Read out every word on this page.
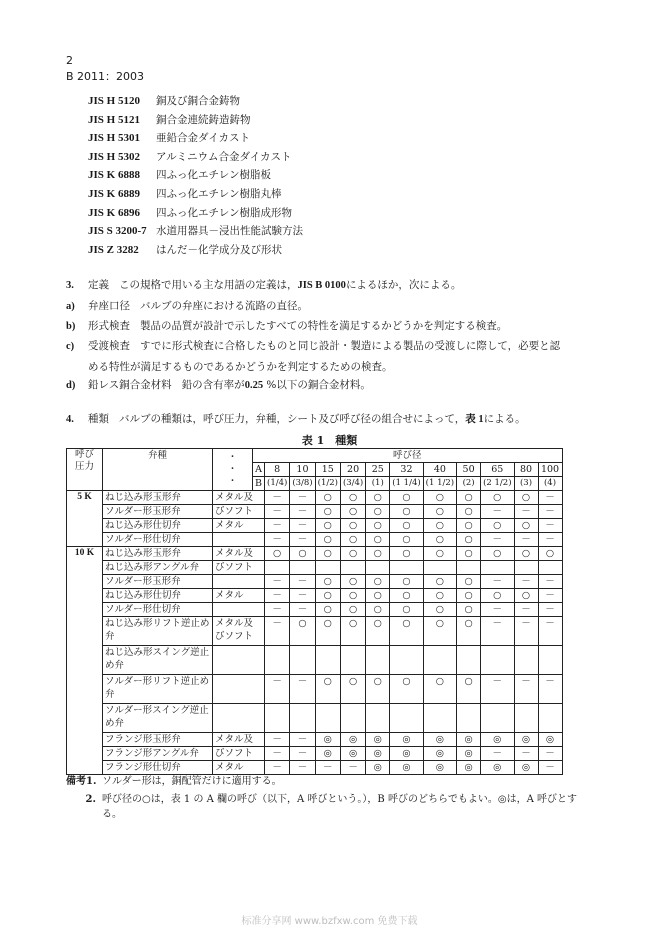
2
B 2011：2003
JIS H 5120 銅及び銅合金鋳物
JIS H 5121 銅合金連続鋳造鋳物
JIS H 5301 亜鉛合金ダイカスト
JIS H 5302 アルミニウム合金ダイカスト
JIS K 6888 四ふっ化エチレン樹脂板
JIS K 6889 四ふっ化エチレン樹脂丸棒
JIS K 6896 四ふっ化エチレン樹脂成形物
JIS S 3200-7 水道用器具－浸出性能試験方法
JIS Z 3282 はんだ－化学成分及び形状
3. 定義 この規格で用いる主な用語の定義は，JIS B 0100によるほか，次による。
a) 弁座口径 バルブの弁座における流路の直径。
b) 形式検査 製品の品質が設計で示したすべての特性を満足するかどうかを判定する検査。
c) 受渡検査 すでに形式検査に合格したものと同じ設計・製造による製品の受渡しに際して，必要と認
める特性が満足するものであるかどうかを判定するための検査。
d) 鉛レス銅合金材料 鉛の含有率が0.25 %以下の銅合金材料。
4. 種類 バルブの種類は，呼び圧力，弁種，シート及び呼び径の組合せによって，表 1による。
表 1　種類
呼び
圧力	弁種	・
・
・	呼び径											
			A	8	10	15	20	25	32	40	50	65	80	100
			B	(1/4)	(3/8)	(1/2)	(3/4)	(1)	(1 1/4)	(1 1/2)	(2)	(2 1/2)	(3)	(4)
5 K	ねじ込み形玉形弁	メタル及		－	－	○	○	○	○	○	○	○	○	－
	ソルダー形玉形弁	びソフト		－	－	○	○	○	○	○	○	－	－	－
	ねじ込み形仕切弁	メタル		－	－	○	○	○	○	○	○	○	○	－
	ソルダー形仕切弁			－	－	○	○	○	○	○	○	－	－	－
10 K	ねじ込み形玉形弁	メタル及		○	○	○	○	○	○	○	○	○	○	○
	ねじ込み形アングル弁	びソフト												
	ソルダー形玉形弁			－	－	○	○	○	○	○	○	－	－	－
	ねじ込み形仕切弁	メタル		－	－	○	○	○	○	○	○	○	○	－
	ソルダー形仕切弁			－	－	○	○	○	○	○	○	－	－	－
	ねじ込み形リフト逆止め弁	メタル及びソフト		－	○	○	○	○	○	○	○	－	－	－
	ねじ込み形スイング逆止め弁													
	ソルダー形リフト逆止め弁			－	－	○	○	○	○	○	○	－	－	－
	ソルダー形スイング逆止め弁													
	フランジ形玉形弁	メタル及		－	－	◎	◎	◎	◎	◎	◎	◎	◎	◎
	フランジ形アングル弁	びソフト		－	－	◎	◎	◎	◎	◎	◎	－	－	－
	フランジ形仕切弁	メタル		－	－	－	－	◎	◎	◎	◎	◎	◎	－
備考1. ソルダー形は，銅配管だけに適用する。
2. 呼び径の○は，表 1 の A 欄の呼び（以下，A 呼びという。），B 呼びのどちらでもよい。◎は，A 呼びとす
る。
标准分享网 www.bzfxw.com 免费下载
